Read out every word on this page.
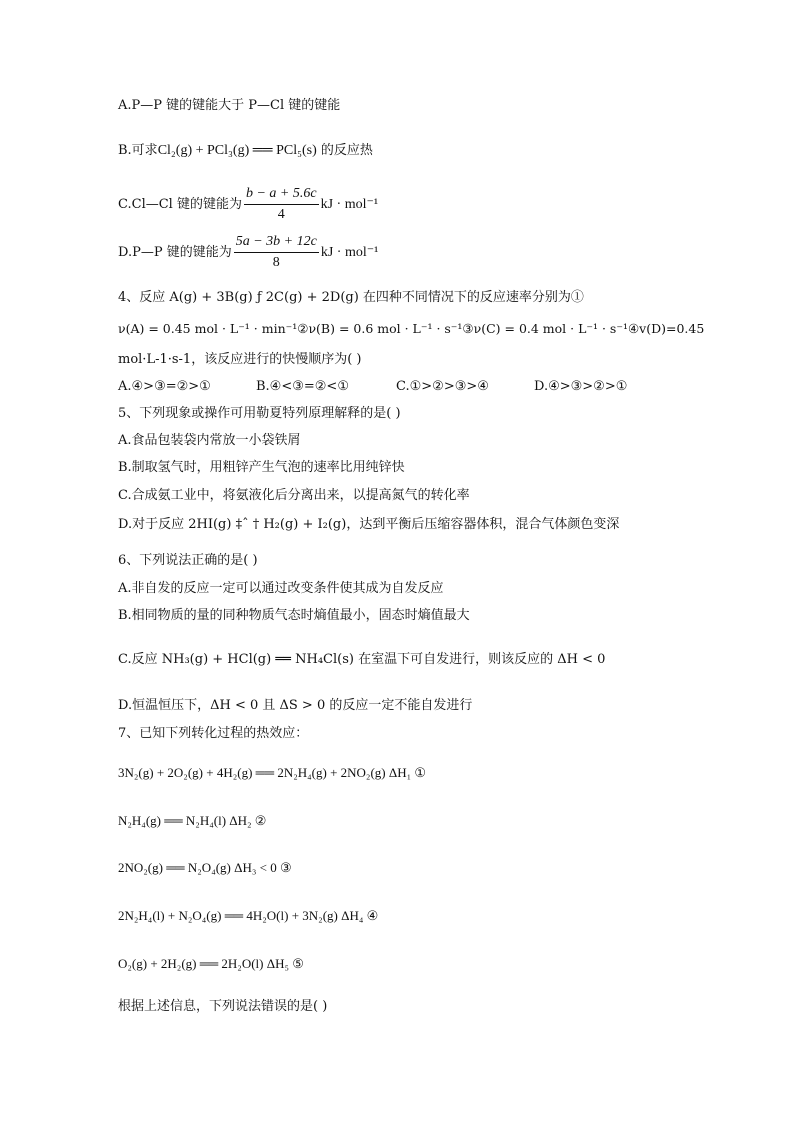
A.P—P 键的键能大于 P—Cl 键的键能
B.可求Cl₂(g) + PCl₃(g) ══ PCl₅(s) 的反应热
C.Cl—Cl 键的键能为 $\frac{b - a + 5.6c}{4}$ kJ · mol⁻¹
D.P—P 键的键能为 $\frac{5a - 3b + 12c}{8}$ kJ · mol⁻¹
4、反应 A(g) + 3B(g) ƒ 2C(g) + 2D(g) 在四种不同情况下的反应速率分别为①
ν(A) = 0.45 mol · L⁻¹ · min⁻¹②ν(B) = 0.6 mol · L⁻¹ · s⁻¹③ν(C) = 0.4 mol · L⁻¹ · s⁻¹④v(D)=0.45
mol·L-1·s-1，该反应进行的快慢顺序为( )
A.④>③=②>①	B.④<③=②<①	C.①>②>③>④	D.④>③>②>①
5、下列现象或操作可用勒夏特列原理解释的是( )
A.食品包装袋内常放一小袋铁屑
B.制取氢气时，用粗锌产生气泡的速率比用纯锌快
C.合成氨工业中，将氨液化后分离出来，以提高氮气的转化率
D.对于反应 2HI(g) ‡ˆ † H₂(g) + I₂(g)，达到平衡后压缩容器体积，混合气体颜色变深
6、下列说法正确的是( )
A.非自发的反应一定可以通过改变条件使其成为自发反应
B.相同物质的量的同种物质气态时熵值最小，固态时熵值最大
C.反应 NH₃(g) + HCl(g) ══ NH₄Cl(s) 在室温下可自发进行，则该反应的 ΔH < 0
D.恒温恒压下，ΔH < 0 且 ΔS > 0 的反应一定不能自发进行
7、已知下列转化过程的热效应：
3N₂(g) + 2O₂(g) + 4H₂(g) ══ 2N₂H₄(g) + 2NO₂(g) ΔH₁ ①
N₂H₄(g) ══ N₂H₄(l) ΔH₂ ②
2NO₂(g) ══ N₂O₄(g) ΔH₃ < 0 ③
2N₂H₄(l) + N₂O₄(g) ══ 4H₂O(l) + 3N₂(g) ΔH₄ ④
O₂(g) + 2H₂(g) ══ 2H₂O(l) ΔH₅ ⑤
根据上述信息，下列说法错误的是( )
